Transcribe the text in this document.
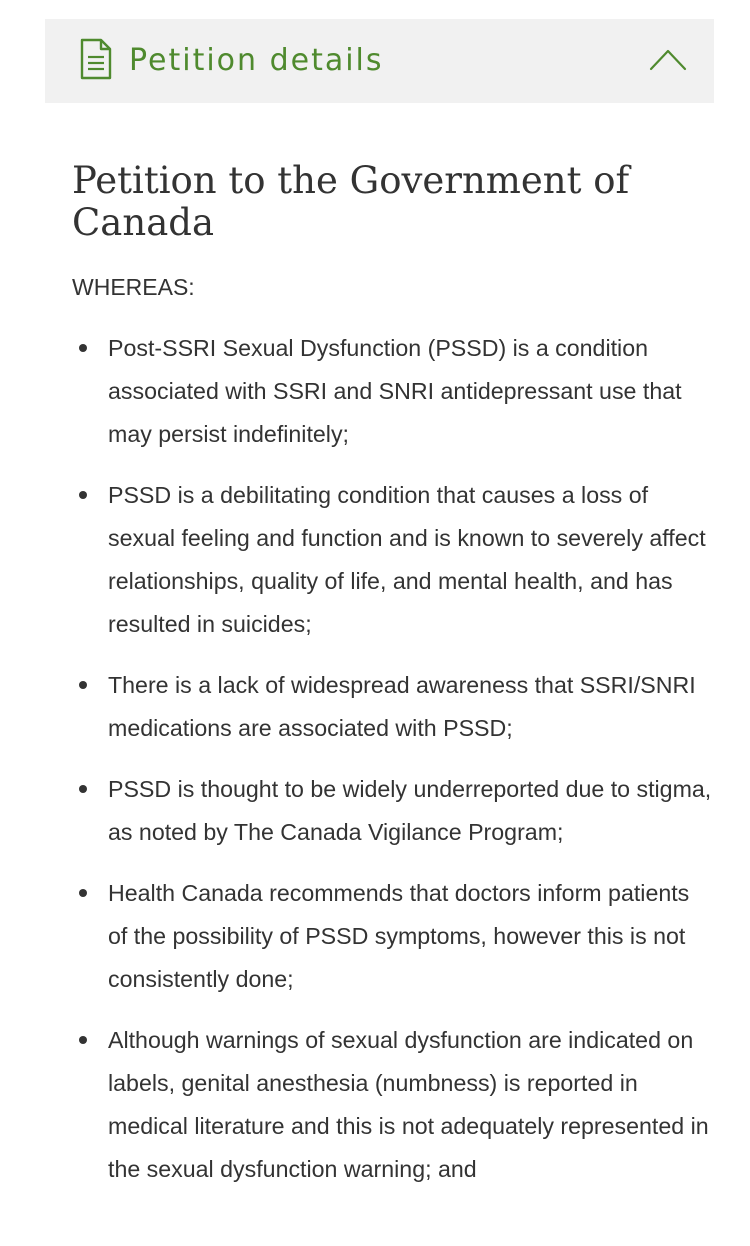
Petition details
Petition to the Government of Canada

WHEREAS:

Post-SSRI Sexual Dysfunction (PSSD) is a condition associated with SSRI and SNRI antidepressant use that may persist indefinitely;
PSSD is a debilitating condition that causes a loss of sexual feeling and function and is known to severely affect relationships, quality of life, and mental health, and has resulted in suicides;
There is a lack of widespread awareness that SSRI/SNRI medications are associated with PSSD;
PSSD is thought to be widely underreported due to stigma, as noted by The Canada Vigilance Program;
Health Canada recommends that doctors inform patients of the possibility of PSSD symptoms, however this is not consistently done;
Although warnings of sexual dysfunction are indicated on labels, genital anesthesia (numbness) is reported in medical literature and this is not adequately represented in the sexual dysfunction warning; and
